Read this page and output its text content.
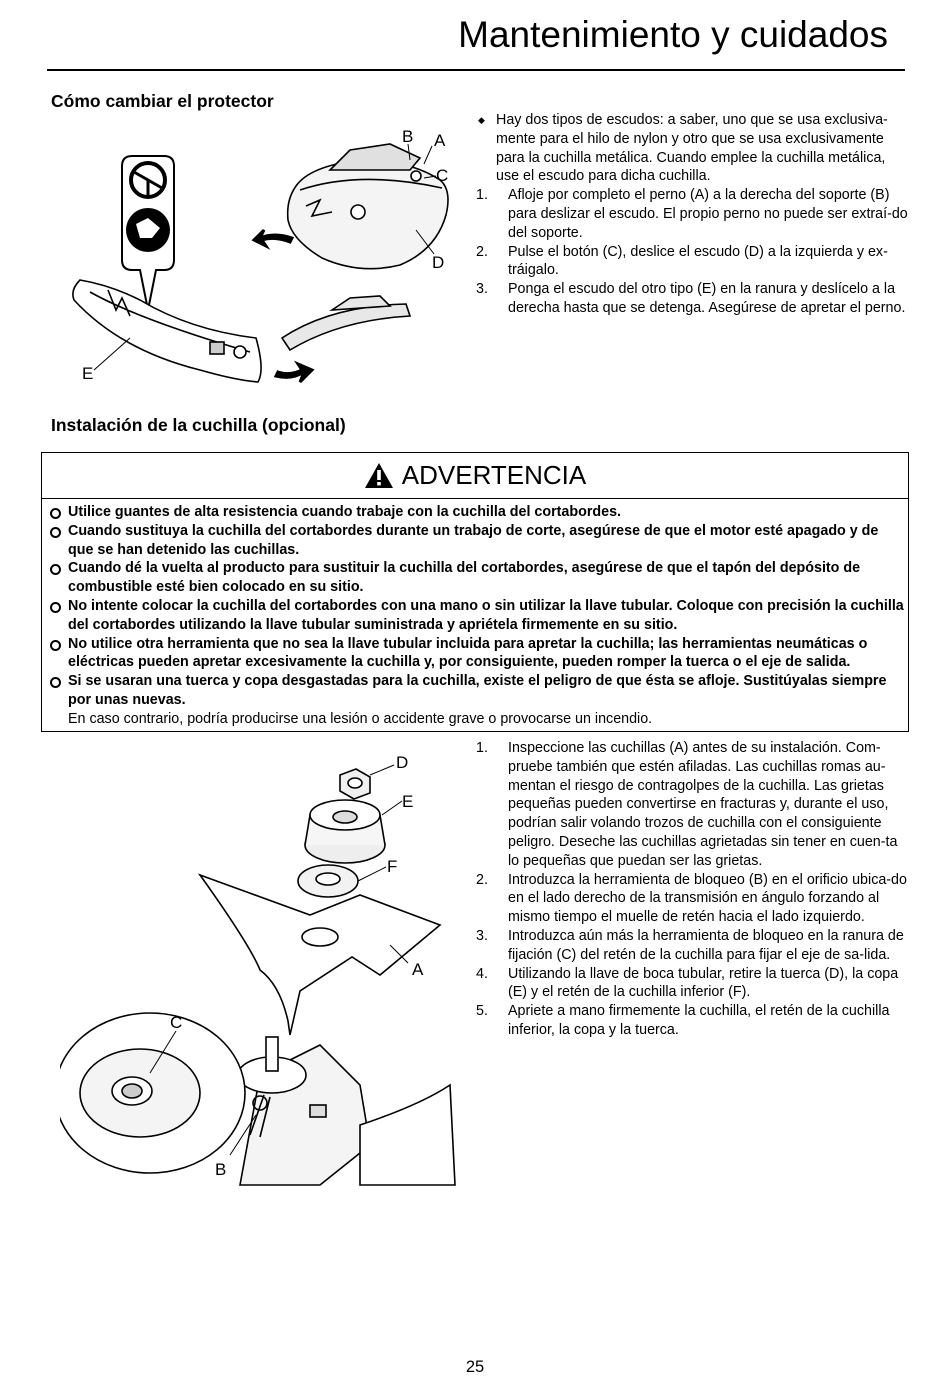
Mantenimiento y cuidados
Cómo cambiar el protector
B A
C
D
E
◆ Hay dos tipos de escudos: a saber, uno que se usa exclusiva-mente para el hilo de nylon y otro que se usa exclusivamente para la cuchilla metálica. Cuando emplee la cuchilla metálica, use el escudo para dicha cuchilla.
1. Afloje por completo el perno (A) a la derecha del soporte (B) para deslizar el escudo. El propio perno no puede ser extraí-do del soporte.
2. Pulse el botón (C), deslice el escudo (D) a la izquierda y ex-tráigalo.
3. Ponga el escudo del otro tipo (E) en la ranura y deslícelo a la derecha hasta que se detenga. Asegúrese de apretar el perno.
Instalación de la cuchilla (opcional)
ADVERTENCIA
Utilice guantes de alta resistencia cuando trabaje con la cuchilla del cortabordes.
Cuando sustituya la cuchilla del cortabordes durante un trabajo de corte, asegúrese de que el motor esté apagado y de que se han detenido las cuchillas.
Cuando dé la vuelta al producto para sustituir la cuchilla del cortabordes, asegúrese de que el tapón del depósito de combustible esté bien colocado en su sitio.
No intente colocar la cuchilla del cortabordes con una mano o sin utilizar la llave tubular. Coloque con precisión la cuchilla del cortabordes utilizando la llave tubular suministrada y apriétela firmemente en su sitio.
No utilice otra herramienta que no sea la llave tubular incluida para apretar la cuchilla; las herramientas neumáticas o eléctricas pueden apretar excesivamente la cuchilla y, por consiguiente, pueden romper la tuerca o el eje de salida.
Si se usaran una tuerca y copa desgastadas para la cuchilla, existe el peligro de que ésta se afloje. Sustitúyalas siempre por unas nuevas.

En caso contrario, podría producirse una lesión o accidente grave o provocarse un incendio.

D
E
F
A
C
B
1. Inspeccione las cuchillas (A) antes de su instalación. Com-pruebe también que estén afiladas. Las cuchillas romas au-mentan el riesgo de contragolpes de la cuchilla. Las grietas pequeñas pueden convertirse en fracturas y, durante el uso, podrían salir volando trozos de cuchilla con el consiguiente peligro. Deseche las cuchillas agrietadas sin tener en cuen-ta lo pequeñas que puedan ser las grietas.
2. Introduzca la herramienta de bloqueo (B) en el orificio ubica-do en el lado derecho de la transmisión en ángulo forzando al mismo tiempo el muelle de retén hacia el lado izquierdo.
3. Introduzca aún más la herramienta de bloqueo en la ranura de fijación (C) del retén de la cuchilla para fijar el eje de sa-lida.
4. Utilizando la llave de boca tubular, retire la tuerca (D), la copa (E) y el retén de la cuchilla inferior (F).
5. Apriete a mano firmemente la cuchilla, el retén de la cuchilla inferior, la copa y la tuerca.
25
